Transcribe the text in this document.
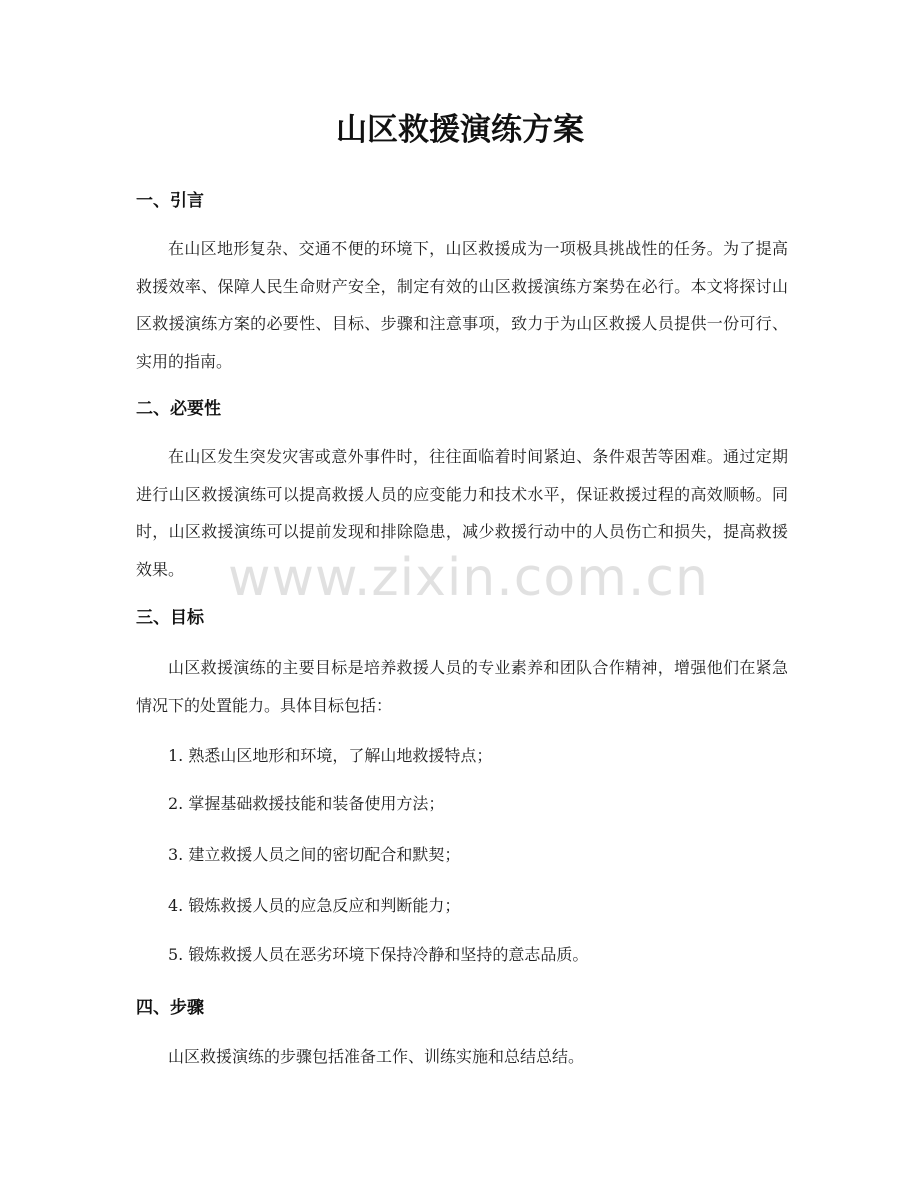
山区救援演练方案
一、引言

在山区地形复杂、交通不便的环境下，山区救援成为一项极具挑战性的任务。为了提高救援效率、保障人民生命财产安全，制定有效的山区救援演练方案势在必行。本文将探讨山区救援演练方案的必要性、目标、步骤和注意事项，致力于为山区救援人员提供一份可行、实用的指南。

二、必要性

在山区发生突发灾害或意外事件时，往往面临着时间紧迫、条件艰苦等困难。通过定期进行山区救援演练可以提高救援人员的应变能力和技术水平，保证救援过程的高效顺畅。同时，山区救援演练可以提前发现和排除隐患，减少救援行动中的人员伤亡和损失，提高救援效果。

三、目标

山区救援演练的主要目标是培养救援人员的专业素养和团队合作精神，增强他们在紧急情况下的处置能力。具体目标包括：

1. 熟悉山区地形和环境，了解山地救援特点；

2. 掌握基础救援技能和装备使用方法；

3. 建立救援人员之间的密切配合和默契；

4. 锻炼救援人员的应急反应和判断能力；

5. 锻炼救援人员在恶劣环境下保持冷静和坚持的意志品质。

四、步骤

山区救援演练的步骤包括准备工作、训练实施和总结总结。

www.zixin.com.cn
